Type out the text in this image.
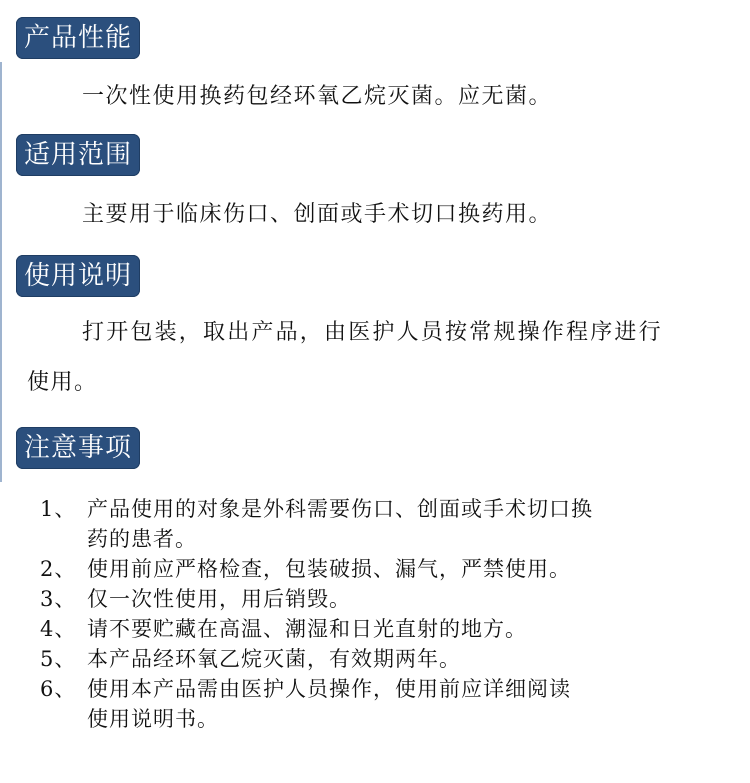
产品性能
一次性使用换药包经环氧乙烷灭菌。应无菌。
适用范围
主要用于临床伤口、创面或手术切口换药用。
使用说明
打开包装，取出产品，由医护人员按常规操作程序进行
使用。
注意事项
1、 产品使用的对象是外科需要伤口、创面或手术切口换
药的患者。
2、 使用前应严格检查，包装破损、漏气，严禁使用。
3、 仅一次性使用，用后销毁。
4、 请不要贮藏在高温、潮湿和日光直射的地方。
5、 本产品经环氧乙烷灭菌，有效期两年。
6、 使用本产品需由医护人员操作，使用前应详细阅读
使用说明书。
